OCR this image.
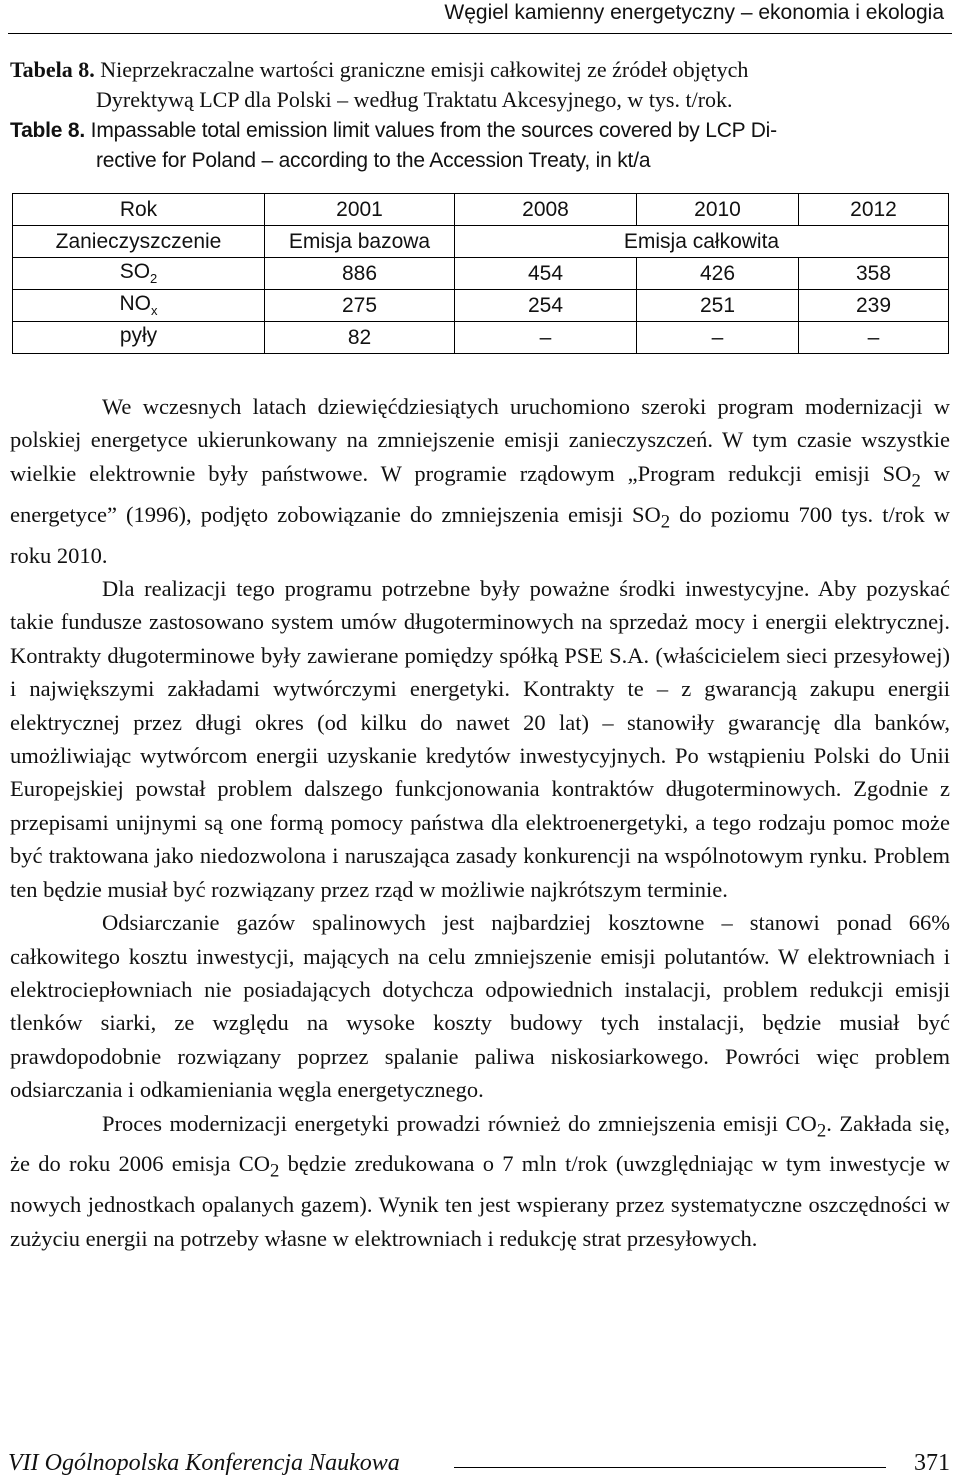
Węgiel kamienny energetyczny – ekonomia i ekologia
Tabela 8. Nieprzekraczalne wartości graniczne emisji całkowitej ze źródeł objętych
Dyrektywą LCP dla Polski – według Traktatu Akcesyjnego, w tys. t/rok.
Table 8. Impassable total emission limit values from the sources covered by LCP Di-
rective for Poland – according to the Accession Treaty, in kt/a
Rok	2001	2008	2010	2012
Zanieczyszczenie	Emisja bazowa	Emisja całkowita		
$SO_2$	886	454	426	358
$NO_x$	275	254	251	239
pyły	82	–	–	–

We wczesnych latach dziewięćdziesiątych uruchomiono szeroki program modernizacji w polskiej energetyce ukierunkowany na zmniejszenie emisji zanieczyszczeń. W tym czasie wszystkie wielkie elektrownie były państwowe. W programie rządowym „Program redukcji emisji $SO_2$ w energetyce” (1996), podjęto zobowiązanie do zmniejszenia emisji $SO_2$ do poziomu 700 tys. t/rok w roku 2010.

Dla realizacji tego programu potrzebne były poważne środki inwestycyjne. Aby pozyskać takie fundusze zastosowano system umów długoterminowych na sprzedaż mocy i energii elektrycznej. Kontrakty długoterminowe były zawierane pomiędzy spółką PSE S.A. (właścicielem sieci przesyłowej) i największymi zakładami wytwórczymi energetyki. Kontrakty te – z gwarancją zakupu energii elektrycznej przez długi okres (od kilku do nawet 20 lat) – stanowiły gwarancję dla banków, umożliwiając wytwórcom energii uzyskanie kredytów inwestycyjnych. Po wstąpieniu Polski do Unii Europejskiej powstał problem dalszego funkcjonowania kontraktów długoterminowych. Zgodnie z przepisami unijnymi są one formą pomocy państwa dla elektroenergetyki, a tego rodzaju pomoc może być traktowana jako niedozwolona i naruszająca zasady konkurencji na wspólnotowym rynku. Problem ten będzie musiał być rozwiązany przez rząd w możliwie najkrótszym terminie.

Odsiarczanie gazów spalinowych jest najbardziej kosztowne – stanowi ponad 66% całkowitego kosztu inwestycji, mających na celu zmniejszenie emisji polutantów. W elektrowniach i elektrociepłowniach nie posiadających dotychcza odpowiednich instalacji, problem redukcji emisji tlenków siarki, ze względu na wysoke koszty budowy tych instalacji, będzie musiał być prawdopodobnie rozwiązany poprzez spalanie paliwa niskosiarkowego. Powróci więc problem odsiarczania i odkamieniania węgla energetycznego.

Proces modernizacji energetyki prowadzi również do zmniejszenia emisji $CO_2$. Zakłada się, że do roku 2006 emisja $CO_2$ będzie zredukowana o 7 mln t/rok (uwzględniając w tym inwestycje w nowych jednostkach opalanych gazem). Wynik ten jest wspierany przez systematyczne oszczędności w zużyciu energii na potrzeby własne w elektrowniach i redukcję strat przesyłowych.

VII Ogólnopolska Konferencja Naukowa	371
